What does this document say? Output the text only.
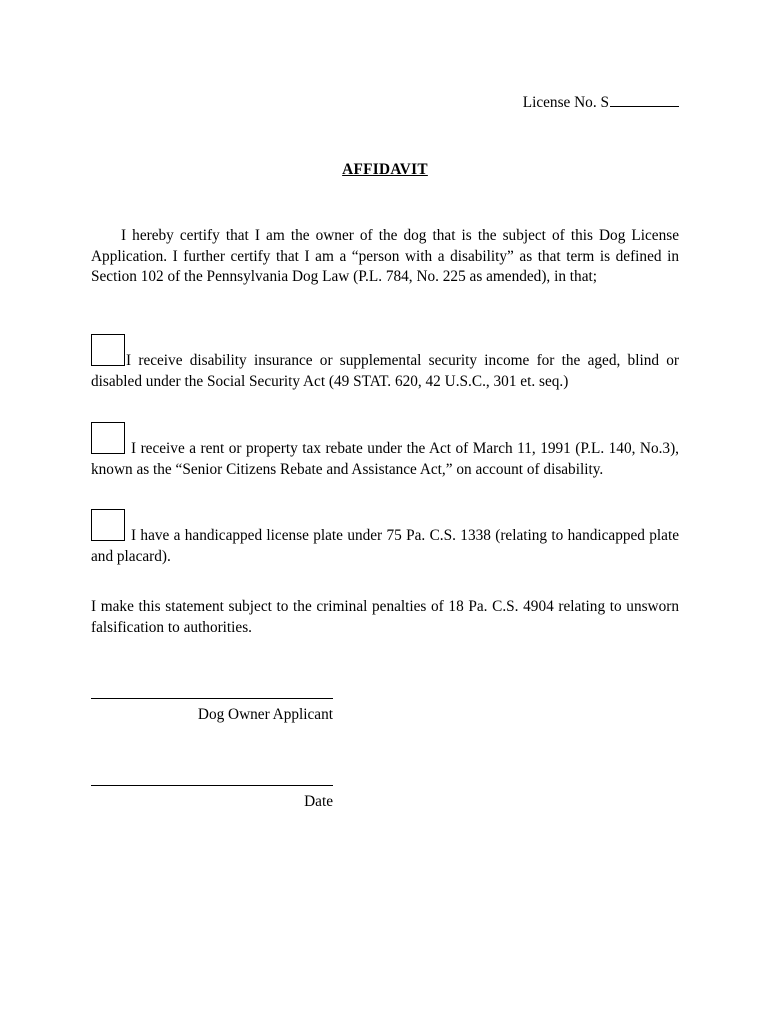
License No. S
AFFIDAVIT

I hereby certify that I am the owner of the dog that is the subject of this Dog License Application. I further certify that I am a “person with a disability” as that term is defined in Section 102 of the Pennsylvania Dog Law (P.L. 784, No. 225 as amended), in that;

I receive disability insurance or supplemental security income for the aged, blind or disabled under the Social Security Act (49 STAT. 620, 42 U.S.C., 301 et. seq.)

I receive a rent or property tax rebate under the Act of March 11, 1991 (P.L. 140, No.3), known as the “Senior Citizens Rebate and Assistance Act,” on account of disability.

I have a handicapped license plate under 75 Pa. C.S. 1338 (relating to handicapped plate and placard).

I make this statement subject to the criminal penalties of 18 Pa. C.S. 4904 relating to unsworn falsification to authorities.

Dog Owner Applicant
Date
